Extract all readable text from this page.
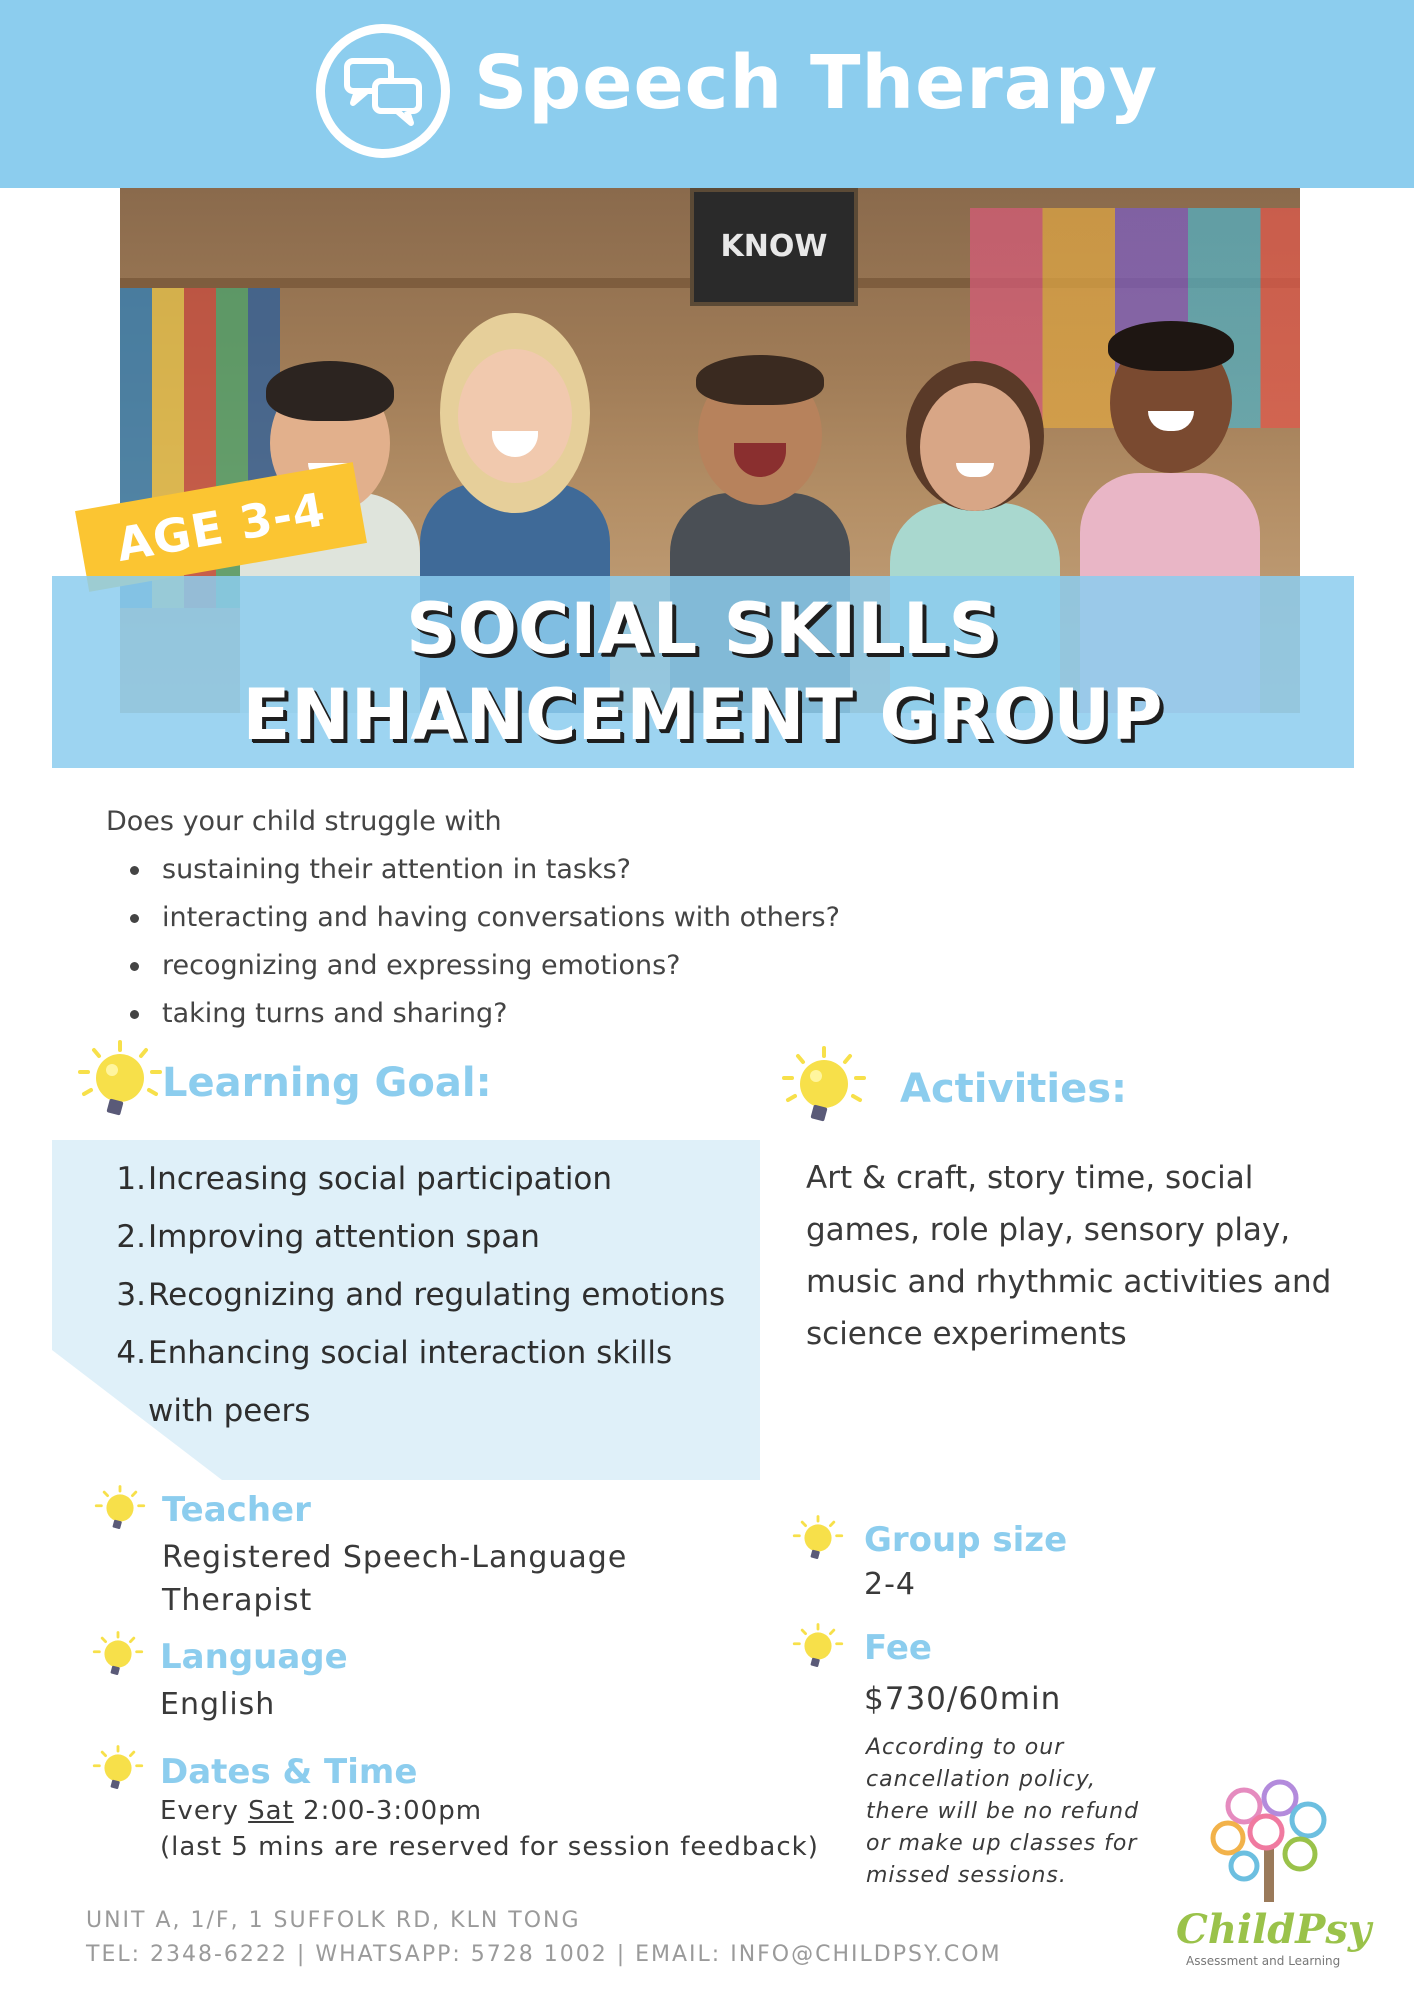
Speech Therapy
KNOW
AGE 3-4
SOCIAL SKILLS
ENHANCEMENT GROUP
Does your child struggle with
sustaining their attention in tasks?
interacting and having conversations with others?
recognizing and expressing emotions?
taking turns and sharing?
Learning Goal:	Activities:
1. Increasing social participation
2. Improving attention span
3. Recognizing and regulating emotions
4. Enhancing social interaction skills
with peers
Art & craft, story time, social games, role play, sensory play, music and rhythmic activities and science experiments
Teacher
Registered Speech-Language
Therapist
Language
English
Dates & Time
Every Sat 2:00-3:00pm
(last 5 mins are reserved for session feedback)
Group size
2-4
Fee
$730/60min
According to our cancellation policy, there will be no refund or make up classes for missed sessions.
UNIT A, 1/F, 1 SUFFOLK RD, KLN TONG
TEL: 2348-6222 | WHATSAPP: 5728 1002 | EMAIL: INFO@CHILDPSY.COM
ChildPsy
Assessment and Learning
